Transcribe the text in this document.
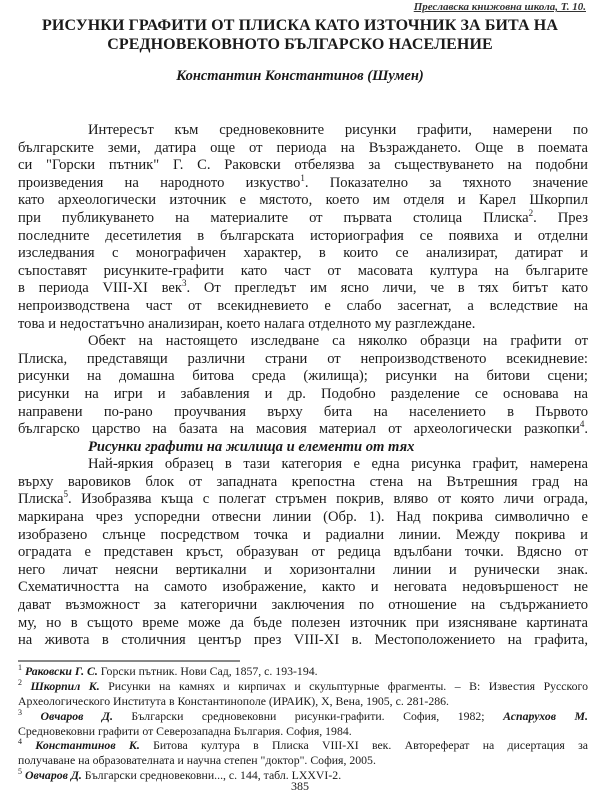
Преславска книжовна школа, Т. 10.
РИСУНКИ ГРАФИТИ ОТ ПЛИСКА КАТО ИЗТОЧНИК ЗА БИТА НА
СРЕДНОВЕКОВНОТО БЪЛГАРСКО НАСЕЛЕНИЕ
Константин Константинов (Шумен)
Интересът към средновековните рисунки графити, намерени по
българските земи, датира още от периода на Възраждането. Още в поемата
си "Горски пътник" Г. С. Раковски отбелязва за съществуването на подобни
произведения на народното изкуство$^1$. Показателно за тяхното значение
като археологически източник е мястото, което им отделя и Карел Шкорпил
при публикуването на материалите от първата столица Плиска$^2$. През
последните десетилетия в българската историография се появиха и отделни
изследвания с монографичен характер, в които се анализират, датират и
съпоставят рисунките-графити като част от масовата култура на българите
в периода VIII-XI век$^3$. От прегледът им ясно личи, че в тях битът като
непроизводствена част от всекидневието е слабо засегнат, а вследствие на
това и недостатъчно анализиран, което налага отделното му разглеждане.
Обект на настоящето изследване са няколко образци на графити от
Плиска, представящи различни страни от непроизводственото всекидневие:
рисунки на домашна битова среда (жилища); рисунки на битови сцени;
рисунки на игри и забавления и др. Подобно разделение се основава на
направени по-рано проучвания върху бита на населението в Първото
българско царство на базата на масовия материал от археологически разкопки$^4$.
Рисунки графити на жилища и елементи от тях
Най-яркия образец в тази категория е една рисунка графит, намерена
върху варовиков блок от западната крепостна стена на Вътрешния град на
Плиска$^5$. Изобразява къща с полегат стръмен покрив, вляво от която личи ограда,
маркирана чрез успоредни отвесни линии (Обр. 1). Над покрива символично е
изобразено слънце посредством точка и радиални линии. Между покрива и
оградата е представен кръст, образуван от редица вдълбани точки. Вдясно от
него личат неясни вертикални и хоризонтални линии и рунически знак.
Схематичността на самото изображение, както и неговата недовършеност не
дават възможност за категорични заключения по отношение на съдържанието
му, но в същото време може да бъде полезен източник при изясняване картината
на живота в столичния център през VIII-XI в. Местоположението на графита,
$^1$ Раковски Г. С. Горски пътник. Нови Сад, 1857, с. 193-194.
$^2$ Шкорпил К. Рисунки на камнях и кирпичах и скульптурные фрагменты. – В: Известия Русского
Археологического Института в Константинополе (ИРАИК), Х, Вена, 1905, с. 281-286.
$^3$ Овчаров Д. Български средновековни рисунки-графити. София, 1982; Аспарухов М.
Средновековни графити от Северозападна България. София, 1984.
$^4$ Константинов К. Битова култура в Плиска VIII-XI век. Автореферат на дисертация за
получаване на образователната и научна степен "доктор". София, 2005.
$^5$ Овчаров Д. Български средновековни..., с. 144, табл. LXXVI-2.
385
